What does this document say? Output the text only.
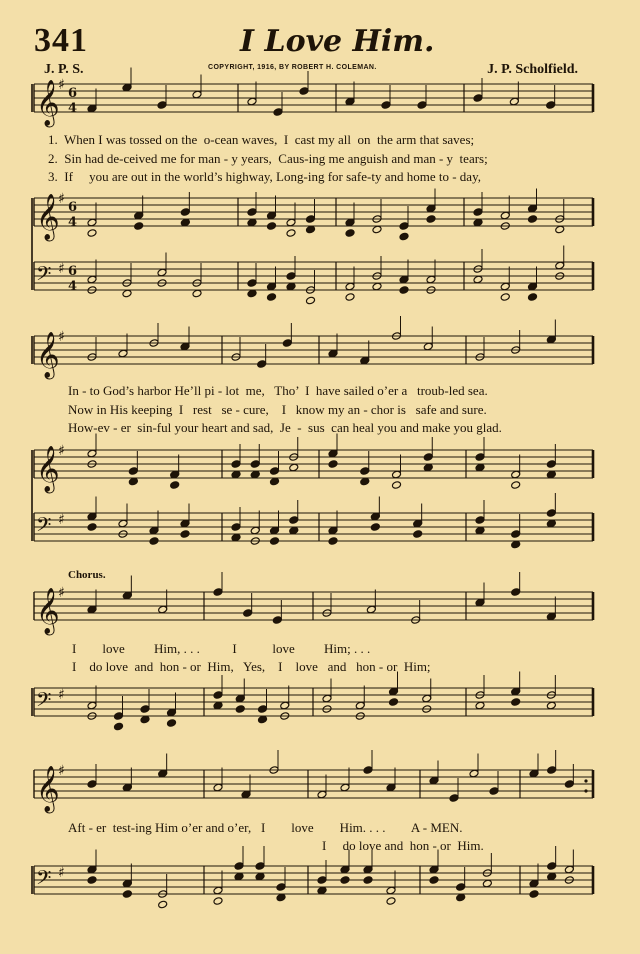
341	I Love Him.
J. P. S.	COPYRIGHT, 1916, BY ROBERT H. COLEMAN.	J. P. Scholfield.
𝄞
♯
𝄞
♯
𝄢 ♯
6
4
6
4
6
4
𝄞
♯
𝄞
♯
𝄢 ♯
𝄞
♯
𝄢 ♯
𝄞
♯
𝄢 ♯
1.  When I was tossed on the  o-cean waves,  I  cast my all  on  the arm that saves;
2.  Sin had de-ceived me for man - y years,  Caus-ing me anguish and man - y  tears;
3.  If     you are out in the world’s highway, Long-ing for safe-ty and home to - day,
In - to God’s harbor He’ll pi - lot  me,   Tho’  I  have sailed o’er a   troub-led sea.
Now in His keeping  I   rest   se - cure,    I   know my an - chor is   safe and sure.
How-ev - er  sin-ful your heart and sad,  Je  -  sus  can heal you and make you glad.
Chorus.
I        love         Him, . . .          I           love         Him; . . .
I    do love  and  hon - or  Him,   Yes,    I    love   and   hon - or  Him;
Aft - er  test-ing Him o’er and o’er,   I        love        Him. . . .        A - MEN.
I     do love and  hon - or  Him.
